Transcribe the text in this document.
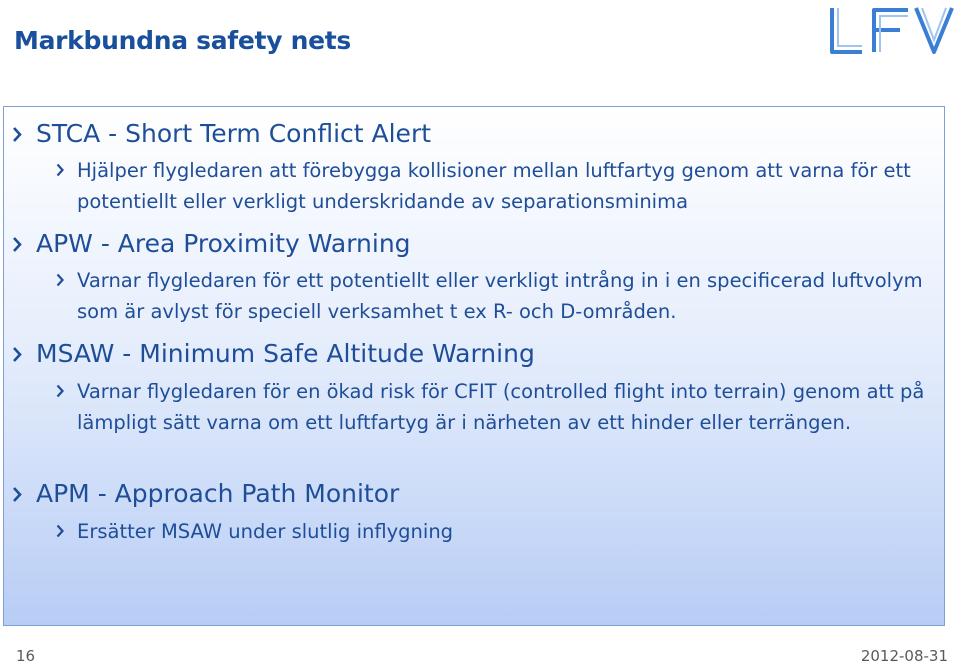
Markbundna safety nets
STCA - Short Term Conflict Alert
Hjälper flygledaren att förebygga kollisioner mellan luftfartyg genom att varna för ett potentiellt eller verkligt underskridande av separationsminima
APW - Area Proximity Warning
Varnar flygledaren för ett potentiellt eller verkligt intrång in i en specificerad luftvolym som är avlyst för speciell verksamhet t ex R- och D-områden.
MSAW - Minimum Safe Altitude Warning
Varnar flygledaren för en ökad risk för CFIT (controlled flight into terrain) genom att på lämpligt sätt varna om ett luftfartyg är i närheten av ett hinder eller terrängen.
APM - Approach Path Monitor
Ersätter MSAW under slutlig inflygning
16	2012-08-31
